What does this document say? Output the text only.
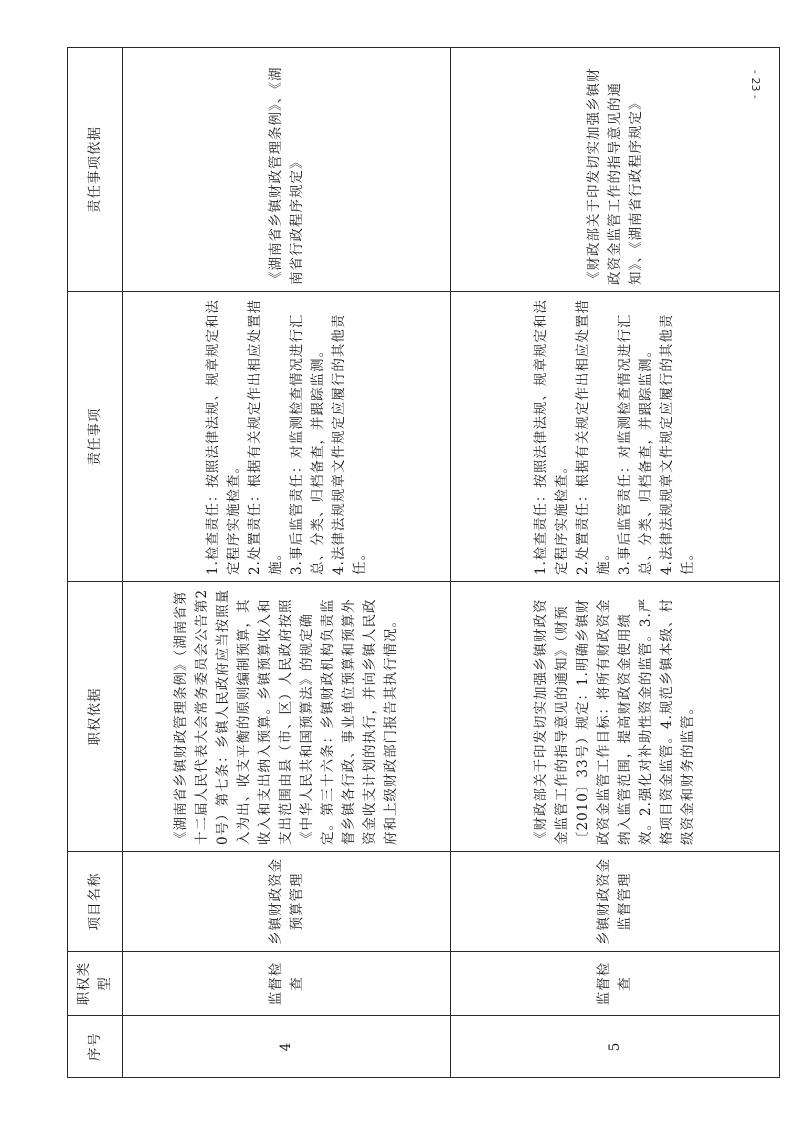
序号	职权类型	项目名称	职权依据	责任事项	责任事项依据
4	监督检查	乡镇财政资金预算管理	《湖南省乡镇财政管理条例》（湖南省第十二届人民代表大会常务委员会公告第20号）第七条：乡镇人民政府应当按照量入为出、收支平衡的原则编制预算，其收入和支出纳入预算。乡镇预算收入和支出范围由县（市、区）人民政府按照《中华人民共和国预算法》的规定确定。第三十六条：乡镇财政机构负责监督乡镇各行政、事业单位预算和预算外资金收支计划的执行，并向乡镇人民政府和上级财政部门报告其执行情况。	1.检查责任：按照法律法规、规章规定和法定程序实施检查。
2.处置责任：根据有关规定作出相应处置措施。
3.事后监管责任：对监测检查情况进行汇总、分类、归档备查，并跟踪监测。
4.法律法规规章文件规定应履行的其他责任。	《湖南省乡镇财政管理条例》、《湖南省行政程序规定》
5	监督检查	乡镇财政资金监督管理	《财政部关于印发切实加强乡镇财政资金监管工作的指导意见的通知》（财预〔2010〕33号）规定：1.明确乡镇财政资金监管工作目标：将所有财政资金纳入监管范围，提高财政资金使用绩效。2.强化对补助性资金的监管。3.严格项目资金监管。4.规范乡镇本级、村级资金和财务的监管。	1.检查责任：按照法律法规、规章规定和法定程序实施检查。
2.处置责任：根据有关规定作出相应处置措施。
3.事后监管责任：对监测检查情况进行汇总、分类、归档备查，并跟踪监测。
4.法律法规规章文件规定应履行的其他责任。	《财政部关于印发切实加强乡镇财政资金监管工作的指导意见的通知》、《湖南省行政程序规定》
- 23 -
